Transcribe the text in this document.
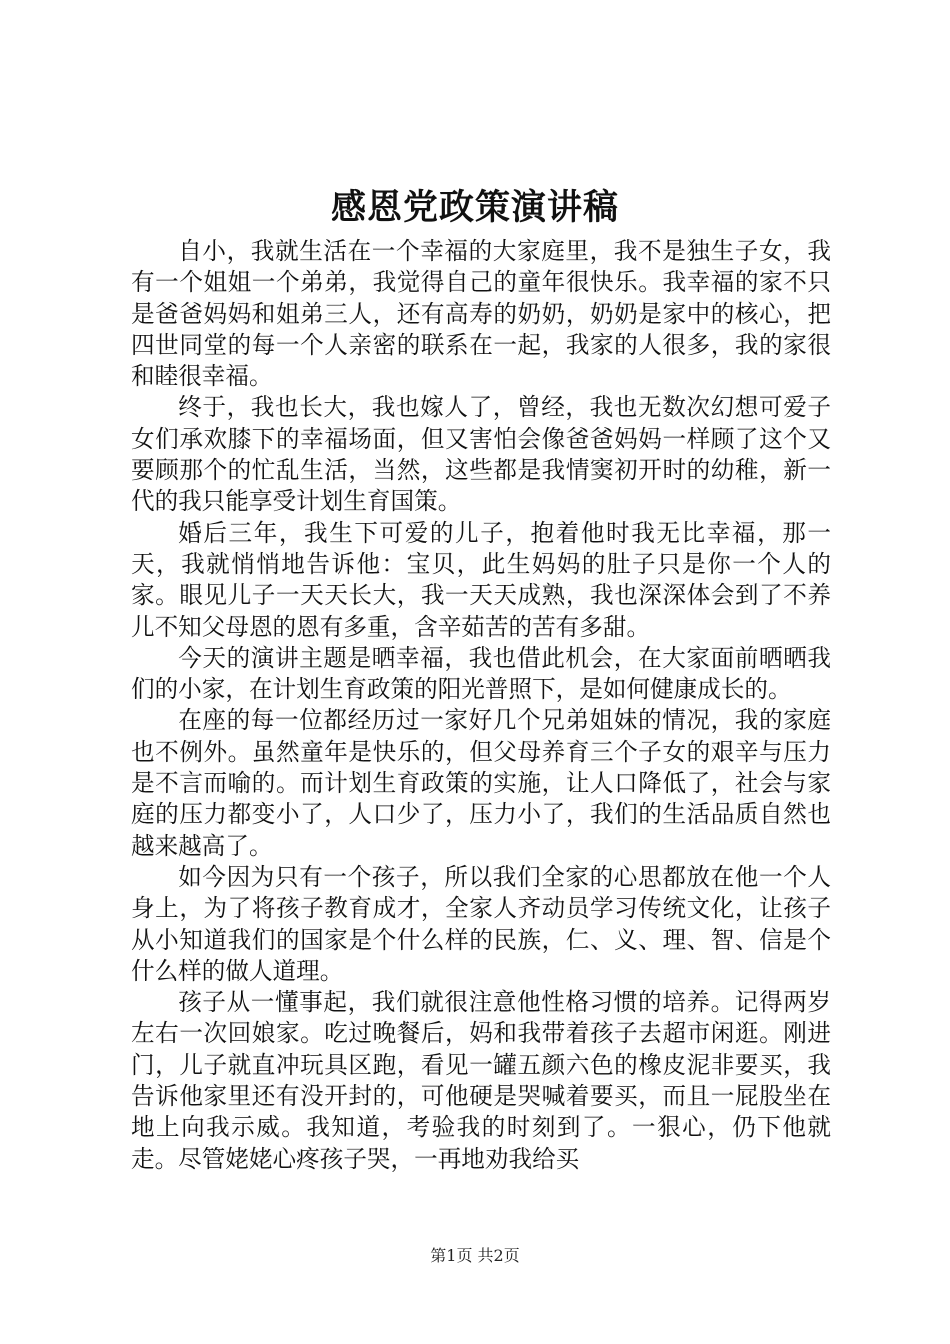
感恩党政策演讲稿

自小，我就生活在一个幸福的大家庭里，我不是独生子女，我有一个姐姐一个弟弟，我觉得自己的童年很快乐。我幸福的家不只是爸爸妈妈和姐弟三人，还有高寿的奶奶，奶奶是家中的核心，把四世同堂的每一个人亲密的联系在一起，我家的人很多，我的家很和睦很幸福。

终于，我也长大，我也嫁人了，曾经，我也无数次幻想可爱子女们承欢膝下的幸福场面，但又害怕会像爸爸妈妈一样顾了这个又要顾那个的忙乱生活，当然，这些都是我情窦初开时的幼稚，新一代的我只能享受计划生育国策。

婚后三年，我生下可爱的儿子，抱着他时我无比幸福，那一天，我就悄悄地告诉他：宝贝，此生妈妈的肚子只是你一个人的家。眼见儿子一天天长大，我一天天成熟，我也深深体会到了不养儿不知父母恩的恩有多重，含辛茹苦的苦有多甜。

今天的演讲主题是晒幸福，我也借此机会，在大家面前晒晒我们的小家，在计划生育政策的阳光普照下，是如何健康成长的。

在座的每一位都经历过一家好几个兄弟姐妹的情况，我的家庭也不例外。虽然童年是快乐的，但父母养育三个子女的艰辛与压力是不言而喻的。而计划生育政策的实施，让人口降低了，社会与家庭的压力都变小了，人口少了，压力小了，我们的生活品质自然也越来越高了。

如今因为只有一个孩子，所以我们全家的心思都放在他一个人身上，为了将孩子教育成才，全家人齐动员学习传统文化，让孩子从小知道我们的国家是个什么样的民族，仁、义、理、智、信是个什么样的做人道理。

孩子从一懂事起，我们就很注意他性格习惯的培养。记得两岁左右一次回娘家。吃过晚餐后，妈和我带着孩子去超市闲逛。刚进门，儿子就直冲玩具区跑，看见一罐五颜六色的橡皮泥非要买，我告诉他家里还有没开封的，可他硬是哭喊着要买，而且一屁股坐在地上向我示威。我知道，考验我的时刻到了。一狠心，仍下他就走。尽管姥姥心疼孩子哭，一再地劝我给买

第1页 共2页
